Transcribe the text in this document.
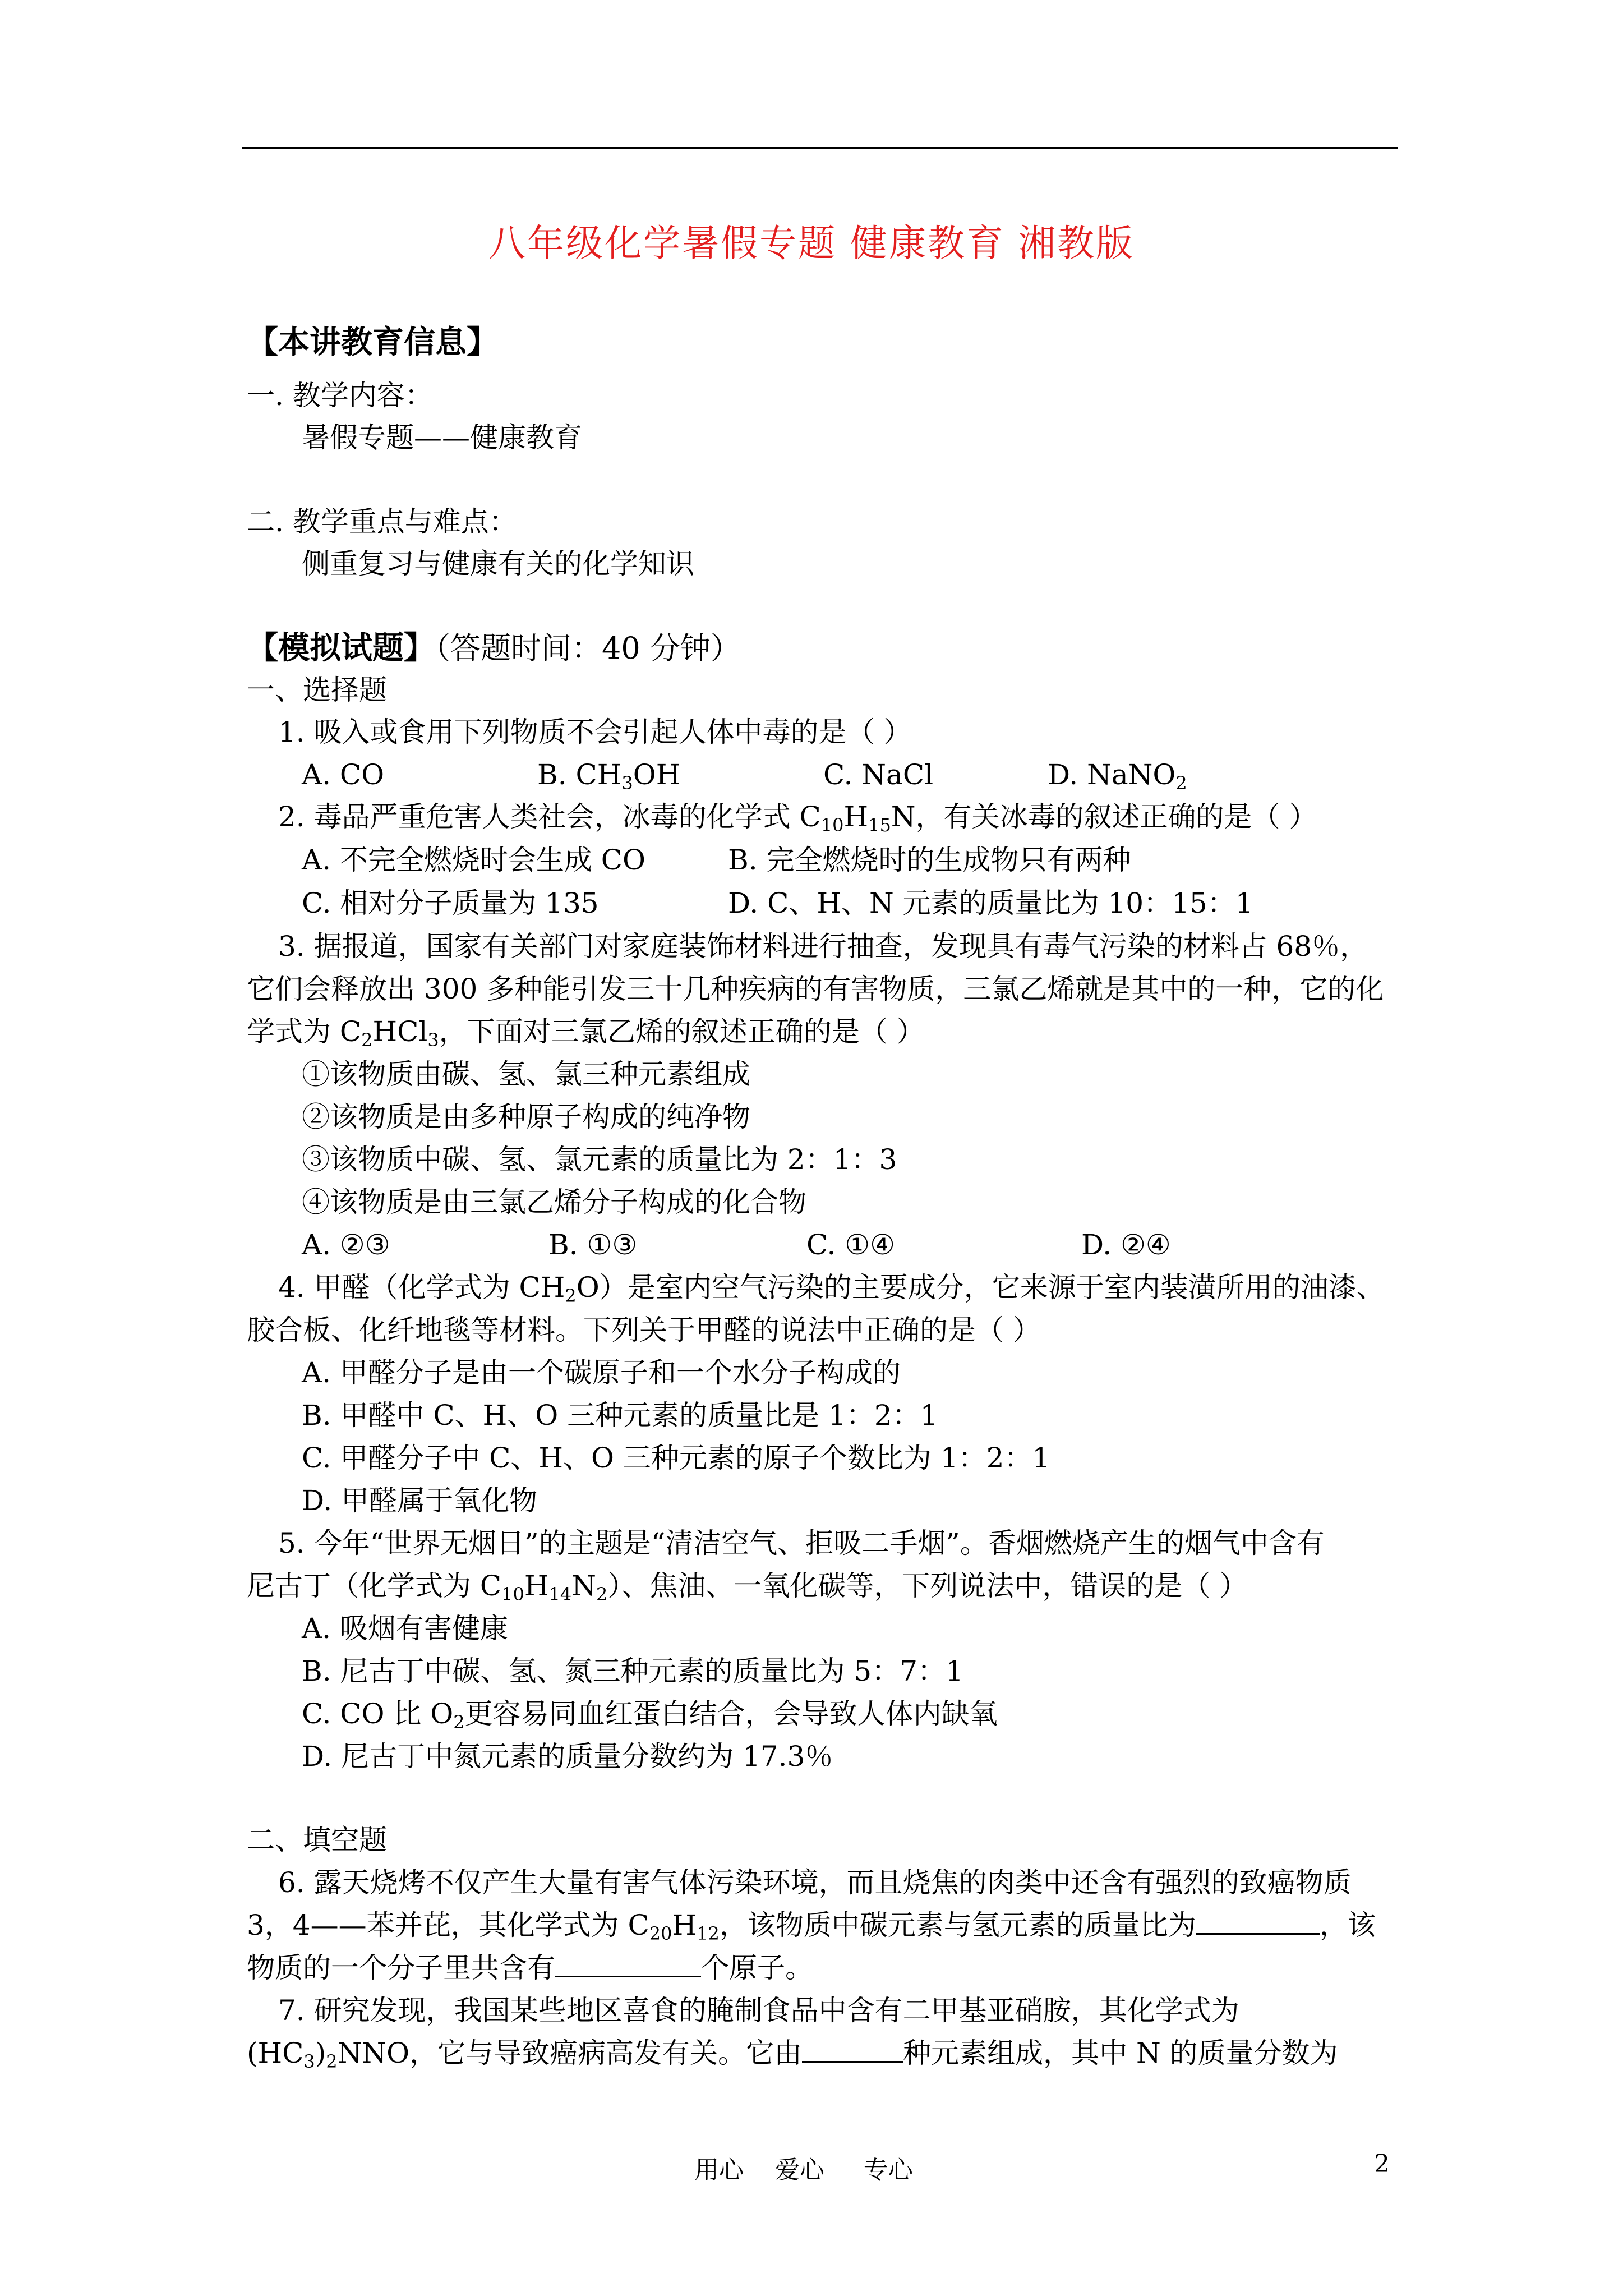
八年级化学暑假专题 健康教育 湘教版
【本讲教育信息】
一. 教学内容：
暑假专题——健康教育
二. 教学重点与难点：
侧重复习与健康有关的化学知识
【模拟试题】（答题时间：40 分钟）
一、选择题
1. 吸入或食用下列物质不会引起人体中毒的是（ ）
A. CO	B. $CH_3OH$	C. NaCl	D. NaNO$_2$
2. 毒品严重危害人类社会，冰毒的化学式 $C_{10}H_{15}N$，有关冰毒的叙述正确的是（ ）
A. 不完全燃烧时会生成 CO	B. 完全燃烧时的生成物只有两种
C. 相对分子质量为 135	D. C、H、N 元素的质量比为 10：15：1
3. 据报道，国家有关部门对家庭装饰材料进行抽查，发现具有毒气污染的材料占 68％，
它们会释放出 300 多种能引发三十几种疾病的有害物质，三氯乙烯就是其中的一种，它的化
学式为 $C_2HCl_3$，下面对三氯乙烯的叙述正确的是（ ）
①该物质由碳、氢、氯三种元素组成
②该物质是由多种原子构成的纯净物
③该物质中碳、氢、氯元素的质量比为 2：1：3
④该物质是由三氯乙烯分子构成的化合物
A. ②③	B. ①③	C. ①④	D. ②④
4. 甲醛（化学式为 $CH_2O$）是室内空气污染的主要成分，它来源于室内装潢所用的油漆、
胶合板、化纤地毯等材料。下列关于甲醛的说法中正确的是（ ）
A. 甲醛分子是由一个碳原子和一个水分子构成的
B. 甲醛中 C、H、O 三种元素的质量比是 1：2：1
C. 甲醛分子中 C、H、O 三种元素的原子个数比为 1：2：1
D. 甲醛属于氧化物
5. 今年“世界无烟日”的主题是“清洁空气、拒吸二手烟”。香烟燃烧产生的烟气中含有
尼古丁（化学式为 $C_{10}H_{14}N_2$）、焦油、一氧化碳等，下列说法中，错误的是（ ）
A. 吸烟有害健康
B. 尼古丁中碳、氢、氮三种元素的质量比为 5：7：1
C. CO 比 $O_2$更容易同血红蛋白结合，会导致人体内缺氧
D. 尼古丁中氮元素的质量分数约为 17.3％
二、填空题
6. 露天烧烤不仅产生大量有害气体污染环境，而且烧焦的肉类中还含有强烈的致癌物质
3，4——苯并芘，其化学式为 $C_{20}H_{12}$，该物质中碳元素与氢元素的质量比为	，该
物质的一个分子里共含有	个原子。
7. 研究发现，我国某些地区喜食的腌制食品中含有二甲基亚硝胺，其化学式为
$(HC_3)_2NNO$，它与导致癌病高发有关。它由	种元素组成，其中 N 的质量分数为
用心    爱心     专心	2
